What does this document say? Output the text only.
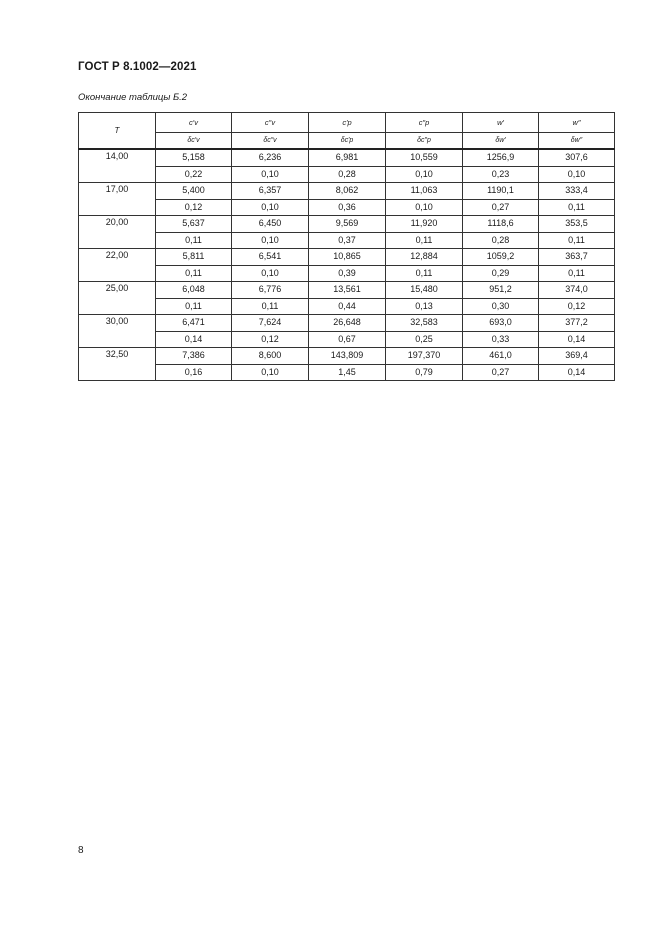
ГОСТ Р 8.1002—2021
Окончание таблицы Б.2
T	c′v	c″v	c′p	c″p	w′	w″
	δc′v	δc″v	δc′p	δc″p	δw′	δw″
14,00	5,158	6,236	6,981	10,559	1256,9	307,6
	0,22	0,10	0,28	0,10	0,23	0,10
17,00	5,400	6,357	8,062	11,063	1190,1	333,4
	0,12	0,10	0,36	0,10	0,27	0,11
20,00	5,637	6,450	9,569	11,920	1118,6	353,5
	0,11	0,10	0,37	0,11	0,28	0,11
22,00	5,811	6,541	10,865	12,884	1059,2	363,7
	0,11	0,10	0,39	0,11	0,29	0,11
25,00	6,048	6,776	13,561	15,480	951,2	374,0
	0,11	0,11	0,44	0,13	0,30	0,12
30,00	6,471	7,624	26,648	32,583	693,0	377,2
	0,14	0,12	0,67	0,25	0,33	0,14
32,50	7,386	8,600	143,809	197,370	461,0	369,4
	0,16	0,10	1,45	0,79	0,27	0,14
8
